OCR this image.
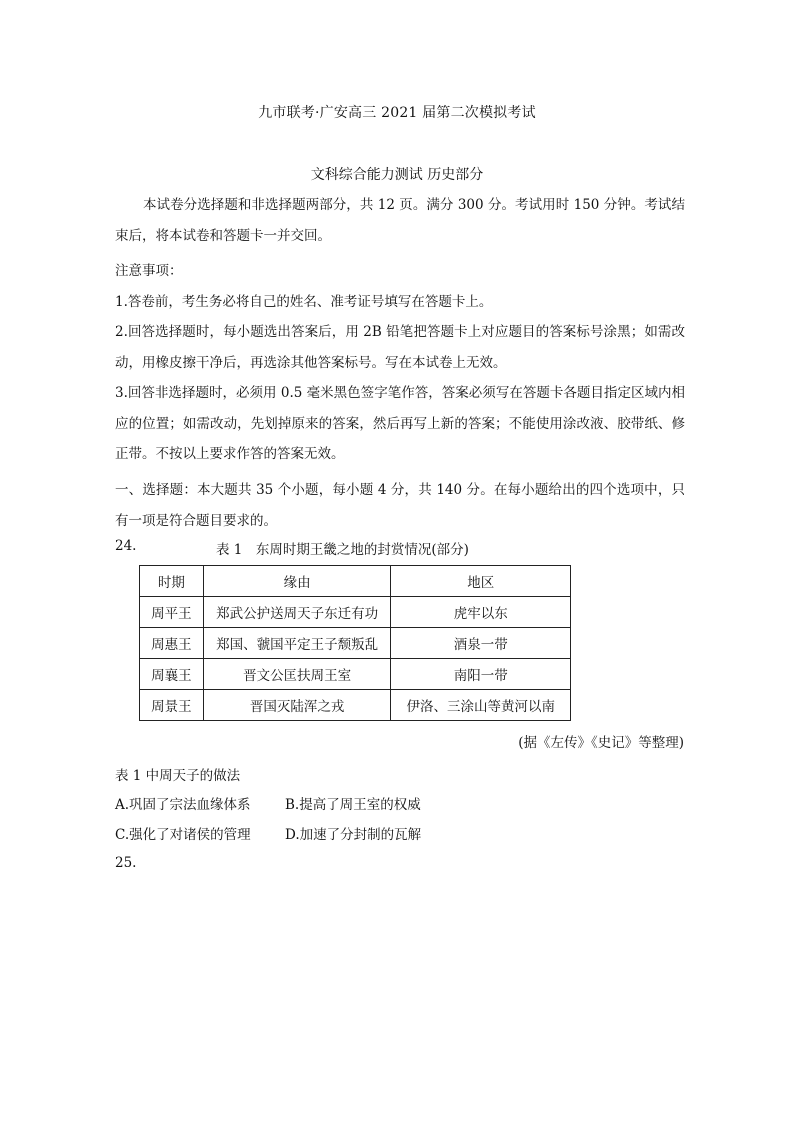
九市联考·广安高三 2021 届第二次模拟考试
文科综合能力测试 历史部分
本试卷分选择题和非选择题两部分，共 12 页。满分 300 分。考试用时 150 分钟。考试结束后，将本试卷和答题卡一并交回。

注意事项：

1.答卷前，考生务必将自己的姓名、准考证号填写在答题卡上。

2.回答选择题时，每小题选出答案后，用 2B 铅笔把答题卡上对应题目的答案标号涂黑；如需改动，用橡皮擦干净后，再选涂其他答案标号。写在本试卷上无效。

3.回答非选择题时，必须用 0.5 毫米黑色签字笔作答，答案必须写在答题卡各题目指定区域内相应的位置；如需改动，先划掉原来的答案，然后再写上新的答案；不能使用涂改液、胶带纸、修正带。不按以上要求作答的答案无效。

一、选择题：本大题共 35 个小题，每小题 4 分，共 140 分。在每小题给出的四个选项中，只有一项是符合题目要求的。
24.	表 1　东周时期王畿之地的封赏情况(部分)
时期	缘由	地区
周平王	郑武公护送周天子东迁有功	虎牢以东
周惠王	郑国、虢国平定王子颓叛乱	酒泉一带
周襄王	晋文公匡扶周王室	南阳一带
周景王	晋国灭陆浑之戎	伊洛、三涂山等黄河以南
(据《左传》《史记》等整理)
表 1 中周天子的做法
A.巩固了宗法血缘体系	B.提高了周王室的权威
C.强化了对诸侯的管理	D.加速了分封制的瓦解
25.
